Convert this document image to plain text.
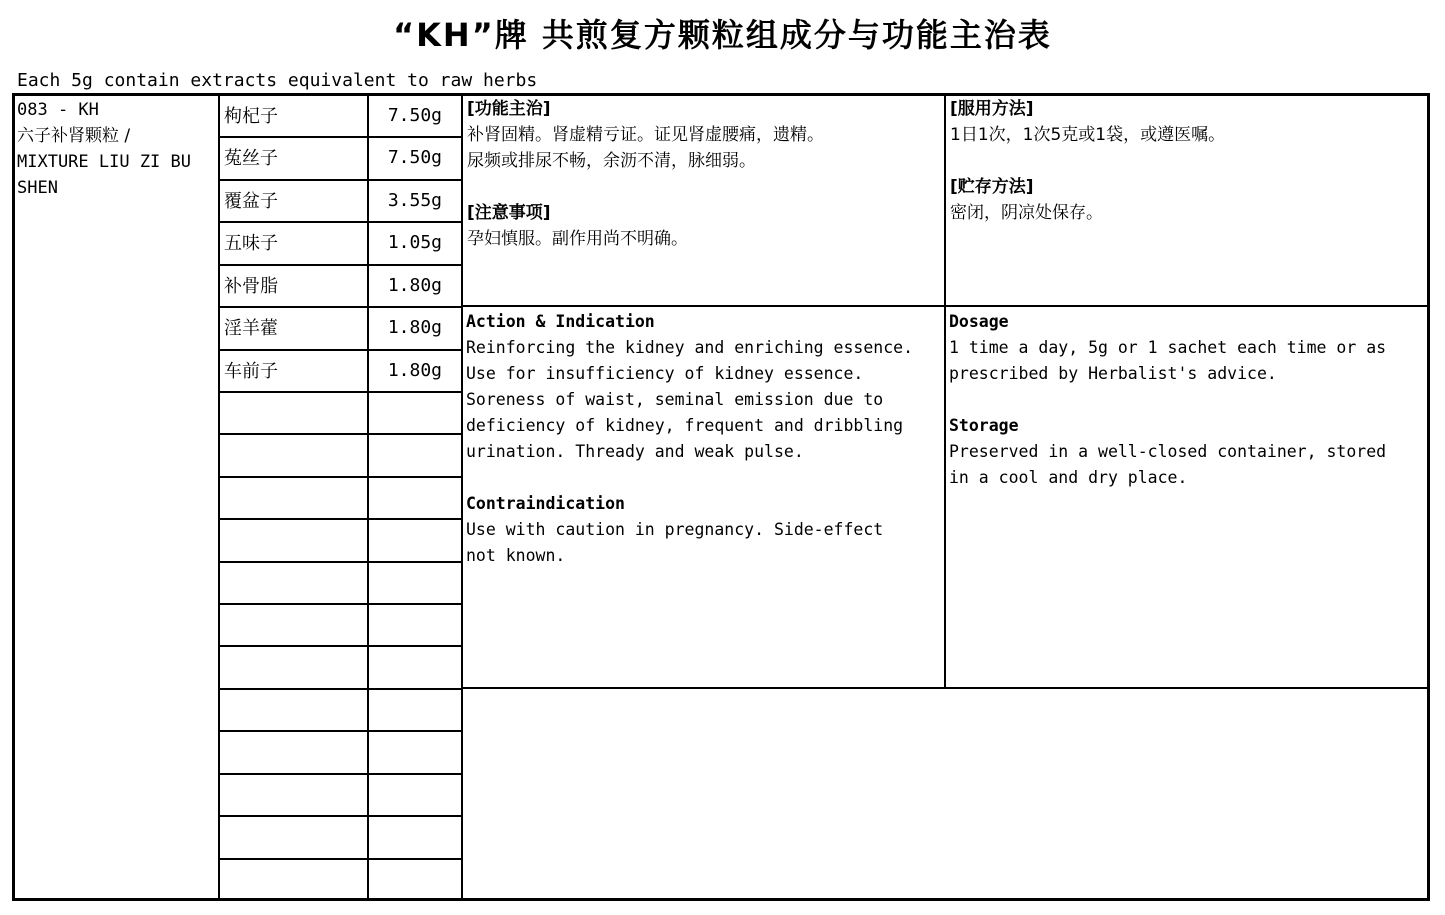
“KH”牌 共煎复方颗粒组成分与功能主治表
Each 5g contain extracts equivalent to raw herbs
083 - KH
六子补肾颗粒 /
MIXTURE LIU ZI BU
SHEN
枸杞子	7.50g
菟丝子	7.50g
覆盆子	3.55g
五味子	1.05g
补骨脂	1.80g
淫羊藿	1.80g
车前子	1.80g
[功能主治]
补肾固精。肾虚精亏证。证见肾虚腰痛，遗精。
尿频或排尿不畅，余沥不清，脉细弱。
[注意事项]
孕妇慎服。副作用尚不明确。
[服用方法]
1日1次，1次5克或1袋，或遵医嘱。
[贮存方法]
密闭，阴凉处保存。
Action & Indication
Reinforcing the kidney and enriching essence.
Use for insufficiency of kidney essence.
Soreness of waist, seminal emission due to
deficiency of kidney, frequent and dribbling
urination. Thready and weak pulse.
Contraindication
Use with caution in pregnancy. Side-effect
not known.
Dosage
1 time a day, 5g or 1 sachet each time or as
prescribed by Herbalist's advice.
Storage
Preserved in a well-closed container, stored
in a cool and dry place.
